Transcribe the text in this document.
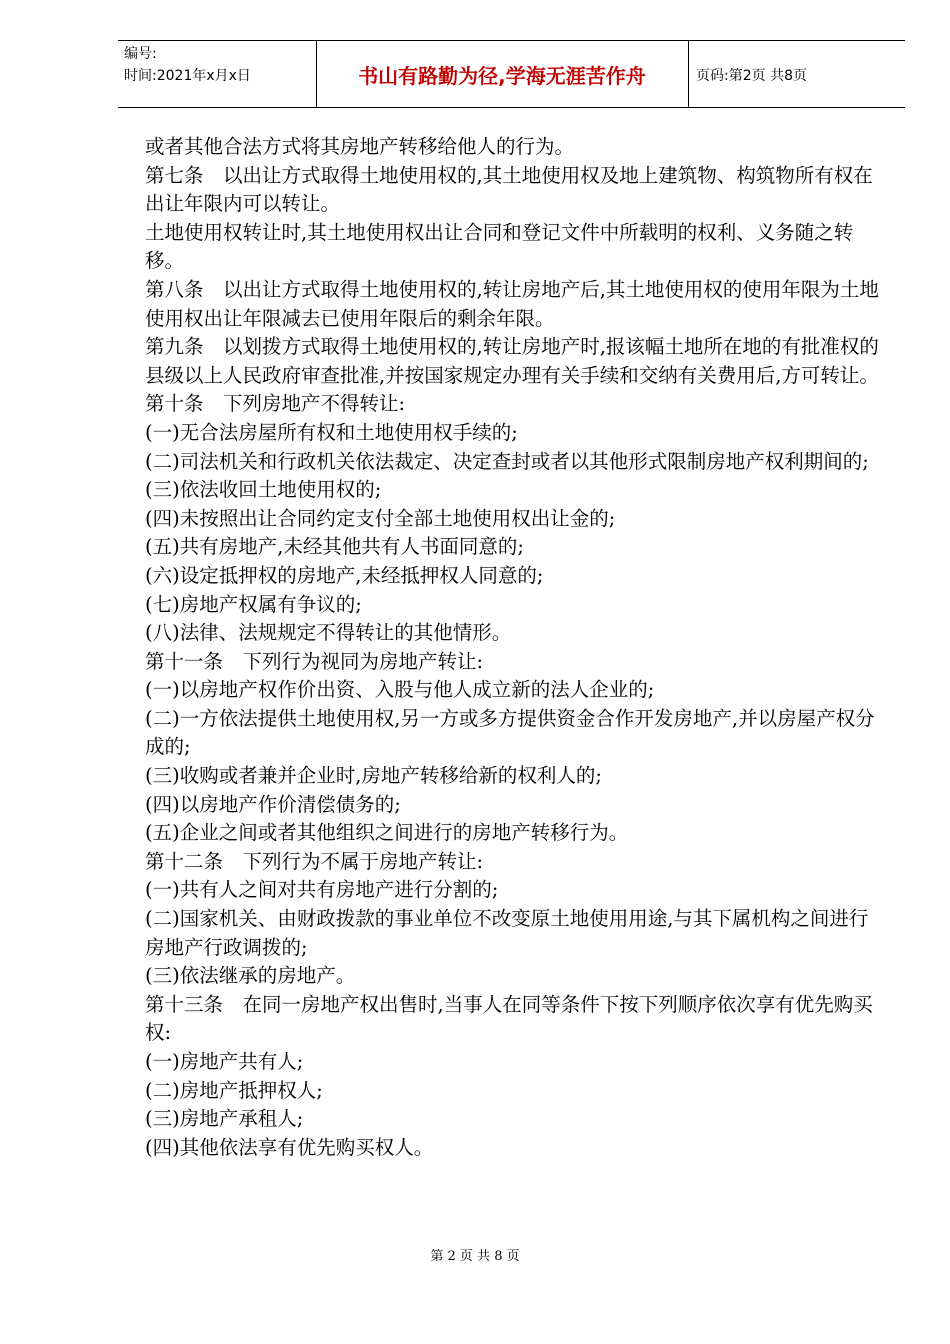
编号:
时间:2021年x月x日	书山有路勤为径,学海无涯苦作舟	页码:第2页 共8页

或者其他合法方式将其房地产转移给他人的行为。

第七条　以出让方式取得土地使用权的,其土地使用权及地上建筑物、构筑物所有权在出让年限内可以转让。

土地使用权转让时,其土地使用权出让合同和登记文件中所载明的权利、义务随之转移。

第八条　以出让方式取得土地使用权的,转让房地产后,其土地使用权的使用年限为土地使用权出让年限减去已使用年限后的剩余年限。

第九条　以划拨方式取得土地使用权的,转让房地产时,报该幅土地所在地的有批准权的县级以上人民政府审查批准,并按国家规定办理有关手续和交纳有关费用后,方可转让。

第十条　下列房地产不得转让:

(一)无合法房屋所有权和土地使用权手续的;

(二)司法机关和行政机关依法裁定、决定查封或者以其他形式限制房地产权利期间的;

(三)依法收回土地使用权的;

(四)未按照出让合同约定支付全部土地使用权出让金的;

(五)共有房地产,未经其他共有人书面同意的;

(六)设定抵押权的房地产,未经抵押权人同意的;

(七)房地产权属有争议的;

(八)法律、法规规定不得转让的其他情形。

第十一条　下列行为视同为房地产转让:

(一)以房地产权作价出资、入股与他人成立新的法人企业的;

(二)一方依法提供土地使用权,另一方或多方提供资金合作开发房地产,并以房屋产权分成的;

(三)收购或者兼并企业时,房地产转移给新的权利人的;

(四)以房地产作价清偿债务的;

(五)企业之间或者其他组织之间进行的房地产转移行为。

第十二条　下列行为不属于房地产转让:

(一)共有人之间对共有房地产进行分割的;

(二)国家机关、由财政拨款的事业单位不改变原土地使用用途,与其下属机构之间进行房地产行政调拨的;

(三)依法继承的房地产。

第十三条　在同一房地产权出售时,当事人在同等条件下按下列顺序依次享有优先购买权:

(一)房地产共有人;

(二)房地产抵押权人;

(三)房地产承租人;

(四)其他依法享有优先购买权人。

第 2 页 共 8 页
